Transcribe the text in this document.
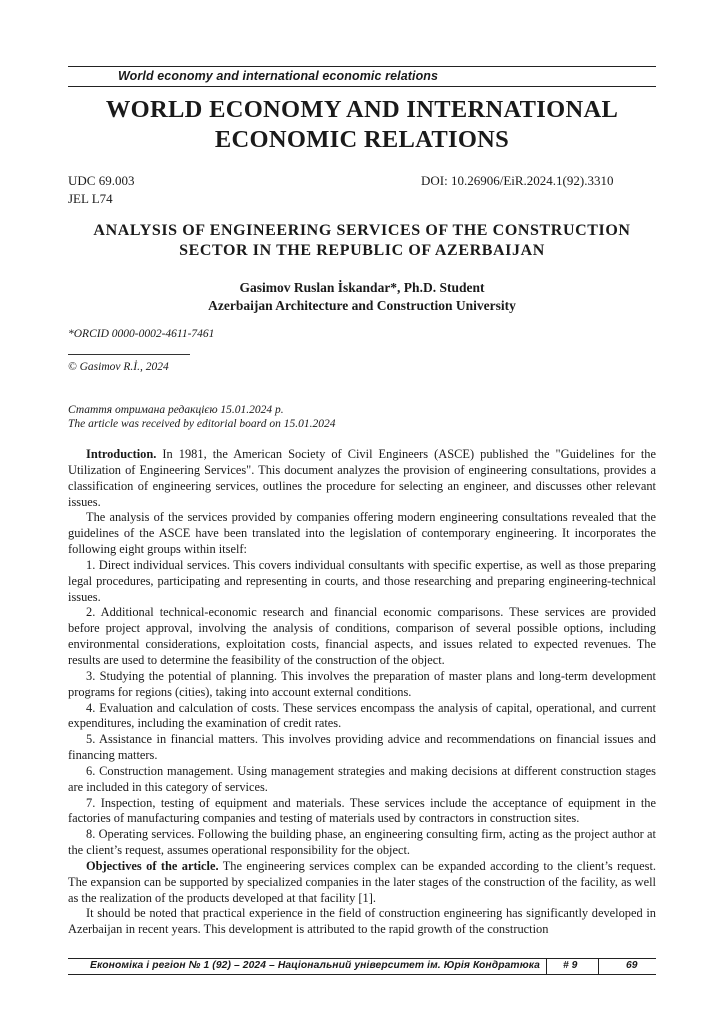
World economy and international economic relations
WORLD ECONOMY AND INTERNATIONAL
ECONOMIC RELATIONS
UDC 69.003
JEL L74
DOI: 10.26906/EiR.2024.1(92).3310
ANALYSIS OF ENGINEERING SERVICES OF THE CONSTRUCTION
SECTOR IN THE REPUBLIC OF AZERBAIJAN
Gasimov Ruslan İskandar*, Ph.D. Student
Azerbaijan Architecture and Construction University
*ORCID 0000-0002-4611-7461
© Gasimov R.İ., 2024
Стаття отримана редакцією 15.01.2024 р.
The article was received by editorial board on 15.01.2024

Introduction. In 1981, the American Society of Civil Engineers (ASCE) published the "Guidelines for the Utilization of Engineering Services". This document analyzes the provision of engineering consultations, provides a classification of engineering services, outlines the procedure for selecting an engineer, and discusses other relevant issues.

The analysis of the services provided by companies offering modern engineering consultations revealed that the guidelines of the ASCE have been translated into the legislation of contemporary engineering. It incorporates the following eight groups within itself:

1. Direct individual services. This covers individual consultants with specific expertise, as well as those preparing legal procedures, participating and representing in courts, and those researching and preparing engineering-technical issues.

2. Additional technical-economic research and financial economic comparisons. These services are provided before project approval, involving the analysis of conditions, comparison of several possible options, including environmental considerations, exploitation costs, financial aspects, and issues related to expected revenues. The results are used to determine the feasibility of the construction of the object.

3. Studying the potential of planning. This involves the preparation of master plans and long-term development programs for regions (cities), taking into account external conditions.

4. Evaluation and calculation of costs. These services encompass the analysis of capital, operational, and current expenditures, including the examination of credit rates.

5. Assistance in financial matters. This involves providing advice and recommendations on financial issues and financing matters.

6. Construction management. Using management strategies and making decisions at different construction stages are included in this category of services.

7. Inspection, testing of equipment and materials. These services include the acceptance of equipment in the factories of manufacturing companies and testing of materials used by contractors in construction sites.

8. Operating services. Following the building phase, an engineering consulting firm, acting as the project author at the client’s request, assumes operational responsibility for the object.

Objectives of the article. The engineering services complex can be expanded according to the client’s request. The expansion can be supported by specialized companies in the later stages of the construction of the facility, as well as the realization of the products developed at that facility [1].

It should be noted that practical experience in the field of construction engineering has significantly developed in Azerbaijan in recent years. This development is attributed to the rapid growth of the construction

Економіка і регіон № 1 (92) – 2024 – Національний університет ім. Юрія Кондратюка # 9	69
